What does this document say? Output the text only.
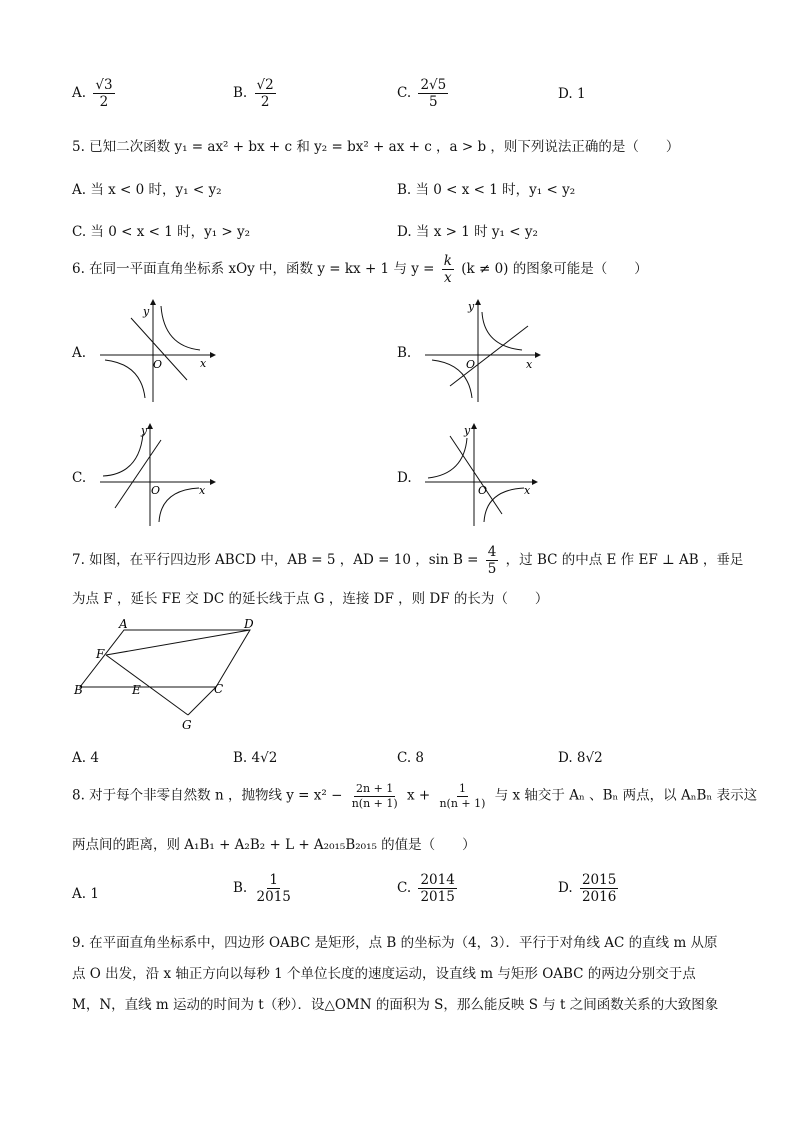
A. $\frac{√3}{2}$	B. $\frac{√2}{2}$	C. $\frac{2√5}{5}$	D. 1
5. 已知二次函数 y₁ = ax² + bx + c 和 y₂ = bx² + ax + c ，a > b ，则下列说法正确的是（　　）
A. 当 x < 0 时，y₁ < y₂	B. 当 0 < x < 1 时，y₁ < y₂
C. 当 0 < x < 1 时，y₁ > y₂	D. 当 x > 1 时 y₁ < y₂
6. 在同一平面直角坐标系 xOy 中，函数 y = kx + 1 与 $y = \frac{k}{x} (k \ne 0)$ 的图象可能是（　　）
A.	B.
C.	D.
y
x
O
y
x
O
y
x
O
y
x
O
7. 如图，在平行四边形 ABCD 中，AB = 5 ，AD = 10 ，$\sin B = \frac{4}{5}$ ，过 BC 的中点 E 作 EF ⊥ AB ，垂足
为点 F ，延长 FE 交 DC 的延长线于点 G ，连接 DF ，则 DF 的长为（　　）
A	D
F
B	E	C
G
A. 4	B. 4√2	C. 8	D. 8√2
8. 对于每个非零自然数 n ，抛物线 $y = x^2 - \frac{2n + 1}{n(n + 1)}$ $x + \frac{1}{n(n + 1)}$ 与 x 轴交于 Aₙ 、Bₙ 两点，以 AₙBₙ 表示这
两点间的距离，则 A₁B₁ + A₂B₂ + L + A₂₀₁₅B₂₀₁₅ 的值是（　　）
A. 1	B. $\frac{1}{2015}$	C. $\frac{2014}{2015}$	D. $\frac{2015}{2016}$
9. 在平面直角坐标系中，四边形 OABC 是矩形，点 B 的坐标为（4，3）．平行于对角线 AC 的直线 m 从原
点 O 出发，沿 x 轴正方向以每秒 1 个单位长度的速度运动，设直线 m 与矩形 OABC 的两边分别交于点
M，N，直线 m 运动的时间为 t（秒）．设△OMN 的面积为 S，那么能反映 S 与 t 之间函数关系的大致图象
